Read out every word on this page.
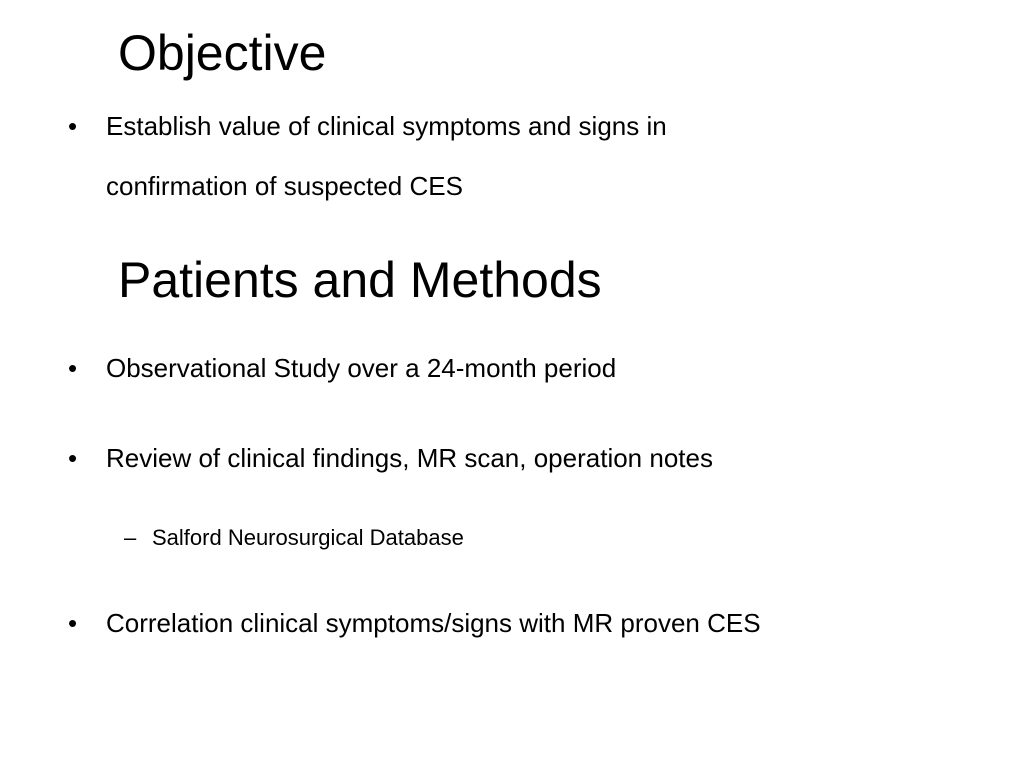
Objective
•	Establish value of clinical symptoms and signs in
confirmation of suspected CES
Patients and Methods
•	Observational Study over a 24-month period
•	Review of clinical findings, MR scan, operation notes
– Salford Neurosurgical Database
•	Correlation clinical symptoms/signs with MR proven CES
